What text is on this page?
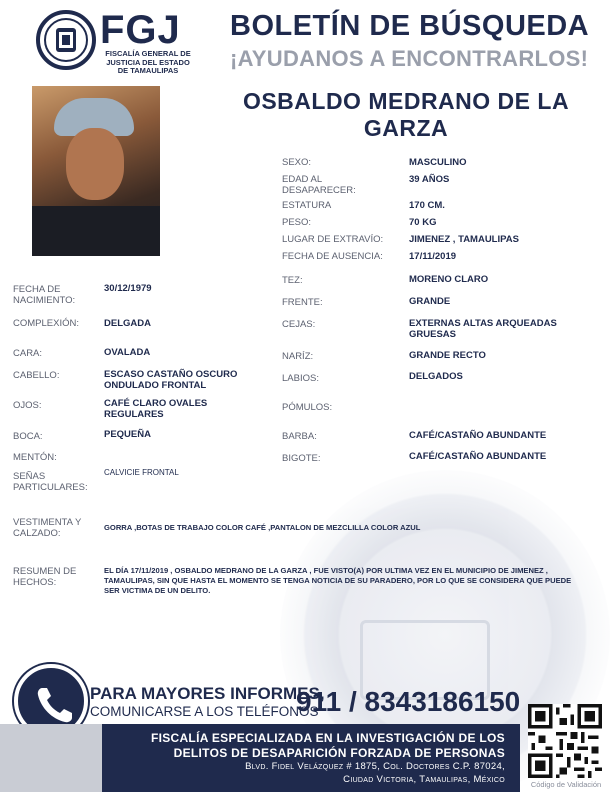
FGJ
FISCALÍA GENERAL DE JUSTICIA DEL ESTADO DE TAMAULIPAS
BOLETÍN DE BÚSQUEDA
¡AYUDANOS A ENCONTRARLOS!
OSBALDO MEDRANO DE LA GARZA
SEXO:	MASCULINO
EDAD AL DESAPARECER:
39 AÑOS
ESTATURA	170 CM.
PESO:	70 KG
LUGAR DE EXTRAVÍO:	JIMENEZ , TAMAULIPAS
FECHA DE AUSENCIA:	17/11/2019
TEZ:	MORENO CLARO
FRENTE:	GRANDE
CEJAS:	EXTERNAS ALTAS ARQUEADAS GRUESAS
NARÍZ:	GRANDE RECTO
LABIOS:	DELGADOS
PÓMULOS:
BARBA:	CAFÉ/CASTAÑO ABUNDANTE
BIGOTE:	CAFÉ/CASTAÑO ABUNDANTE
FECHA DE NACIMIENTO:
30/12/1979
COMPLEXIÓN:	DELGADA
CARA:	OVALADA
CABELLO:	ESCASO CASTAÑO OSCURO ONDULADO FRONTAL
OJOS:	CAFÉ CLARO OVALES REGULARES
BOCA:	PEQUEÑA
MENTÓN:
SEÑAS PARTICULARES:
CALVICIE FRONTAL
VESTIMENTA Y CALZADO:
GORRA ,BOTAS DE TRABAJO COLOR CAFÉ ,PANTALON DE MEZCLILLA COLOR AZUL
RESUMEN DE HECHOS:
EL DÍA 17/11/2019 , OSBALDO MEDRANO DE LA GARZA , FUE VISTO(A) POR ULTIMA VEZ EN EL MUNICIPIO DE JIMENEZ , TAMAULIPAS, SIN QUE HASTA EL MOMENTO SE TENGA NOTICIA DE SU PARADERO, POR LO QUE SE CONSIDERA QUE PUEDE SER VICTIMA DE UN DELITO.
PARA MAYORES INFORMES,
COMUNICARSE A LOS TELÉFONOS
911 / 8343186150
FISCALÍA ESPECIALIZADA EN LA INVESTIGACIÓN DE LOS
DELITOS DE DESAPARICIÓN FORZADA DE PERSONAS
Blvd. Fidel Velázquez # 1875, Col. Doctores C.P. 87024,
Ciudad Victoria, Tamaulipas, México	Código de Validación
